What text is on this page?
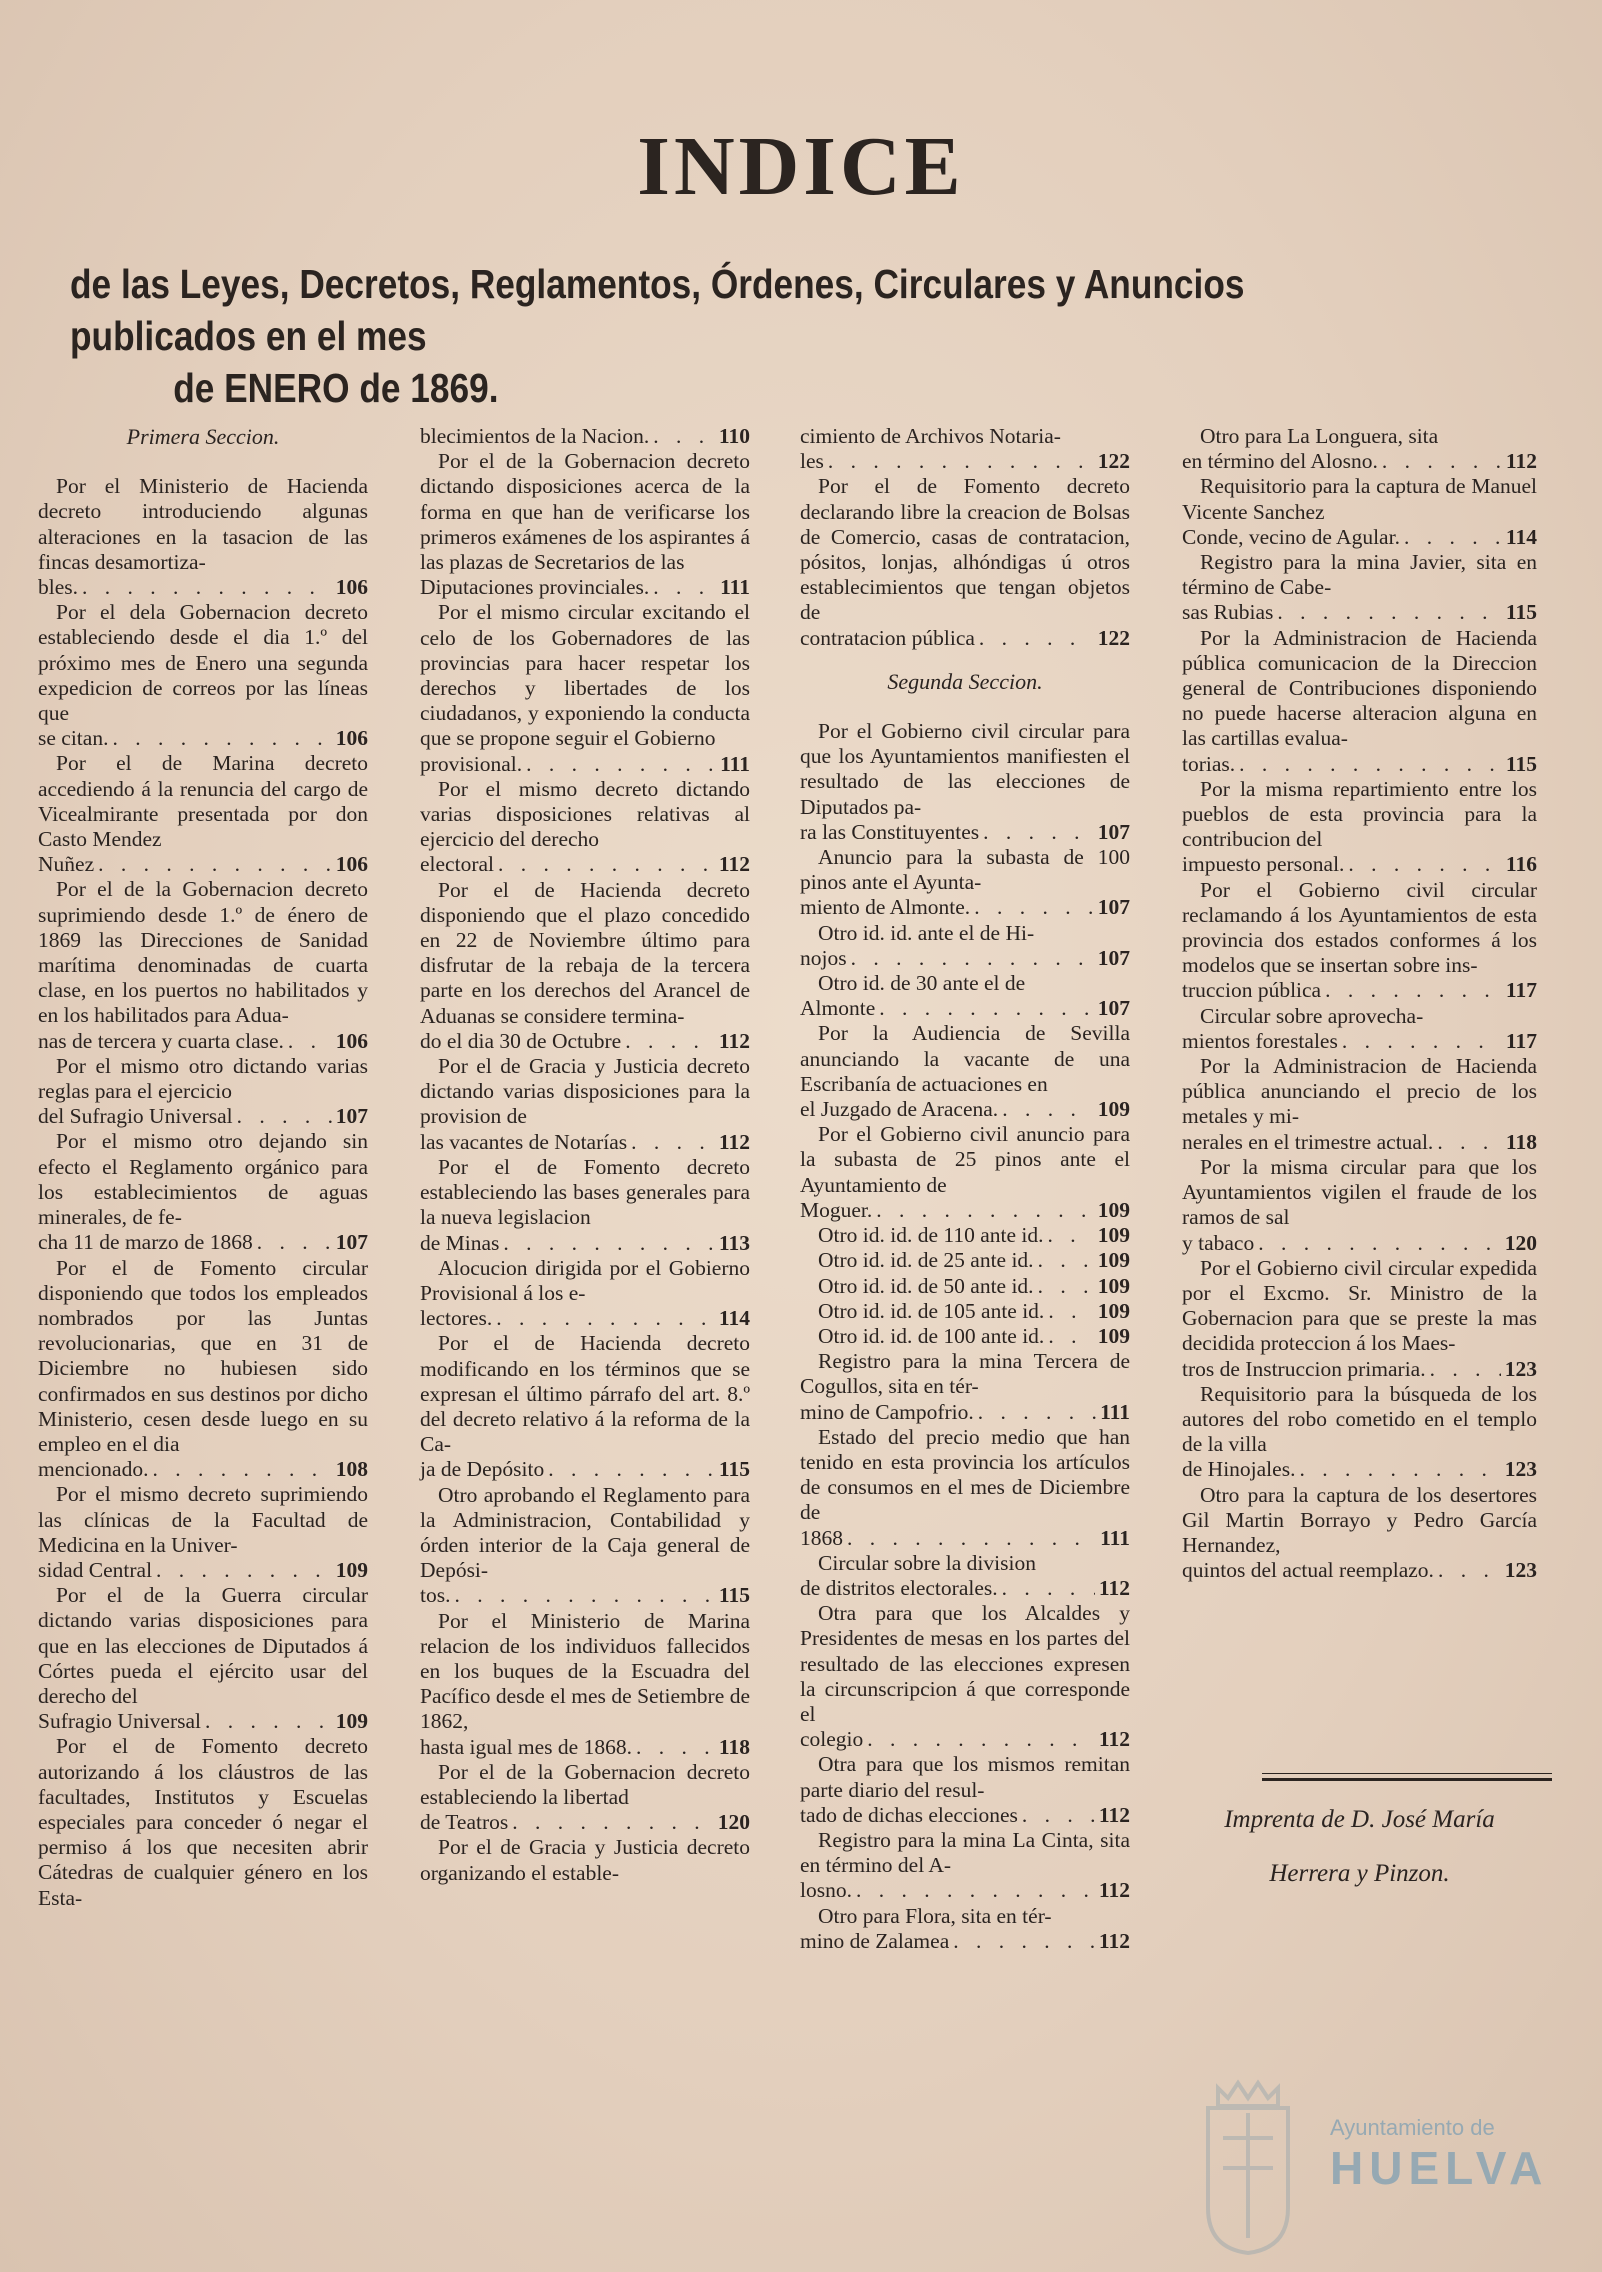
INDICE
de las Leyes, Decretos, Reglamentos, Órdenes, Circulares y Anuncios publicados en el mes
de ENERO de 1869.
Primera Seccion.
Por el Ministerio de Hacienda decreto introduciendo algunas alteraciones en la tasacion de las fincas desamortiza-
bles. . . .	106
Por el dela Gobernacion decreto estableciendo desde el dia 1.º del próximo mes de Enero una segunda expedicion de correos por las líneas que
se citan. . . .	106
Por el de Marina decreto accediendo á la renuncia del cargo de Vicealmirante presentada por don Casto Mendez
Nuñez . . .	106
Por el de la Gobernacion decreto suprimiendo desde 1.º de énero de 1869 las Direcciones de Sanidad marítima denominadas de cuarta clase, en los puertos no habilitados y en los habilitados para Adua-
nas de tercera y cuarta clase. . . . 106
Por el mismo otro dictando varias reglas para el ejercicio
del Sufragio Universal . . .	107
Por el mismo otro dejando sin efecto el Reglamento orgánico para los establecimientos de aguas minerales, de fe-
cha 11 de marzo de 1868 . . .	107
Por el de Fomento circular disponiendo que todos los empleados nombrados por las Juntas revolucionarias, que en 31 de Diciembre no hubiesen sido confirmados en sus destinos por dicho Ministerio, cesen desde luego en su empleo en el dia
mencionado. . . .	108
Por el mismo decreto suprimiendo las clínicas de la Facultad de Medicina en la Univer-
sidad Central . . .	109
Por el de la Guerra circular dictando varias disposiciones para que en las elecciones de Diputados á Córtes pueda el ejército usar del derecho del
Sufragio Universal . . .	109
Por el de Fomento decreto autorizando á los cláustros de las facultades, Institutos y Escuelas especiales para conceder ó negar el permiso á los que necesiten abrir Cátedras de cualquier género en los Esta-
blecimientos de la Nacion. . . .	110
Por el de la Gobernacion decreto dictando disposiciones acerca de la forma en que han de verificarse los primeros exámenes de los aspirantes á las plazas de Secretarios de las
Diputaciones provinciales. . . .	111
Por el mismo circular excitando el celo de los Gobernadores de las provincias para hacer respetar los derechos y libertades de los ciudadanos, y exponiendo la conducta que se propone seguir el Gobierno
provisional. . . .	111
Por el mismo decreto dictando varias disposiciones relativas al ejercicio del derecho
electoral . . .	112
Por el de Hacienda decreto disponiendo que el plazo concedido en 22 de Noviembre último para disfrutar de la rebaja de la tercera parte en los derechos del Arancel de Aduanas se considere termina-
do el dia 30 de Octubre . . .	112
Por el de Gracia y Justicia decreto dictando varias disposiciones para la provision de
las vacantes de Notarías . . .	112
Por el de Fomento decreto estableciendo las bases generales para la nueva legislacion
de Minas . . .	113
Alocucion dirigida por el Gobierno Provisional á los e-
lectores. . . .	114
Por el de Hacienda decreto modificando en los términos que se expresan el último párrafo del art. 8.º del decreto relativo á la reforma de la Ca-
ja de Depósito . . .	115
Otro aprobando el Reglamento para la Administracion, Contabilidad y órden interior de la Caja general de Depósi-
tos. . . .	115
Por el Ministerio de Marina relacion de los individuos fallecidos en los buques de la Escuadra del Pacífico desde el mes de Setiembre de 1862,
hasta igual mes de 1868. . . .	118
Por el de la Gobernacion decreto estableciendo la libertad
de Teatros . . .	120
Por el de Gracia y Justicia decreto organizando el estable-
cimiento de Archivos Notaria-
les . . .	122
Por el de Fomento decreto declarando libre la creacion de Bolsas de Comercio, casas de contratacion, pósitos, lonjas, alhóndigas ú otros establecimientos que tengan objetos de
contratacion pública . . .	122
Segunda Seccion.
Por el Gobierno civil circular para que los Ayuntamientos manifiesten el resultado de las elecciones de Diputados pa-
ra las Constituyentes . . .	107
Anuncio para la subasta de 100 pinos ante el Ayunta-
miento de Almonte. . . .	107
Otro id. id. ante el de Hi-
nojos . . .	107
Otro id. de 30 ante el de
Almonte . . .	107
Por la Audiencia de Sevilla anunciando la vacante de una Escribanía de actuaciones en
el Juzgado de Aracena. . . .	109
Por el Gobierno civil anuncio para la subasta de 25 pinos ante el Ayuntamiento de
Moguer. . . .	109
Otro id. id. de 110 ante id. . . .	109
Otro id. id. de 25 ante id. . . .	109
Otro id. id. de 50 ante id. . . .	109
Otro id. id. de 105 ante id. . . . 109
Otro id. id. de 100 ante id. . . . 109
Registro para la mina Tercera de Cogullos, sita en tér-
mino de Campofrio. . . .	111
Estado del precio medio que han tenido en esta provincia los artículos de consumos en el mes de Diciembre de
1868 . . .	111
Circular sobre la division
de distritos electorales. . . .	112
Otra para que los Alcaldes y Presidentes de mesas en los partes del resultado de las elecciones expresen la circunscripcion á que corresponde el
colegio . . .	112
Otra para que los mismos remitan parte diario del resul-
tado de dichas elecciones . . .	112
Registro para la mina La Cinta, sita en término del A-
losno. . . .	112
Otro para Flora, sita en tér-
mino de Zalamea . . .	112
Otro para La Longuera, sita
en término del Alosno. . . .	112
Requisitorio para la captura de Manuel Vicente Sanchez
Conde, vecino de Agular. . . .	114
Registro para la mina Javier, sita en término de Cabe-
sas Rubias . . .	115
Por la Administracion de Hacienda pública comunicacion de la Direccion general de Contribuciones disponiendo no puede hacerse alteracion alguna en las cartillas evalua-
torias. . . .	115
Por la misma repartimiento entre los pueblos de esta provincia para la contribucion del
impuesto personal. . . .	116
Por el Gobierno civil circular reclamando á los Ayuntamientos de esta provincia dos estados conformes á los modelos que se insertan sobre ins-
truccion pública . . .	117
Circular sobre aprovecha-
mientos forestales . . .	117
Por la Administracion de Hacienda pública anunciando el precio de los metales y mi-
nerales en el trimestre actual. . . .	118
Por la misma circular para que los Ayuntamientos vigilen el fraude de los ramos de sal
y tabaco . . .	120
Por el Gobierno civil circular expedida por el Excmo. Sr. Ministro de la Gobernacion para que se preste la mas decidida proteccion á los Maes-
tros de Instruccion primaria. . . .	123
Requisitorio para la búsqueda de los autores del robo cometido en el templo de la villa
de Hinojales. . . .	123
Otro para la captura de los desertores Gil Martin Borrayo y Pedro García Hernandez,
quintos del actual reemplazo. . . .	123
Imprenta de D. José María
Herrera y Pinzon.
Ayuntamiento de
HUELVA
